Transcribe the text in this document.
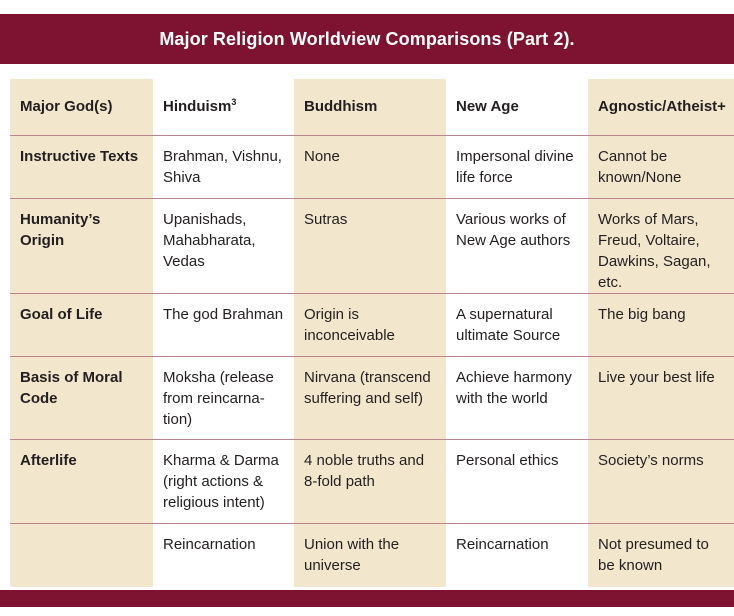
Major Religion Worldview Comparisons (Part 2).
Major God(s)	Hinduism$^3$	Buddhism	New Age	Agnostic/Atheist+
Instructive Texts	Brahman, Vishnu, Shiva	None	Impersonal divine life force	Cannot be known/None
Humanity’s Origin	Upanishads, Mahabharata, Vedas	Sutras	Various works of New Age authors	Works of Mars, Freud, Voltaire, Dawkins, Sagan, etc.
Goal of Life	The god Brahman	Origin is inconceivable	A supernatural ultimate Source	The big bang
Basis of Moral Code	Moksha (release from reincarna-tion)	Nirvana (transcend suffering and self)	Achieve harmony with the world	Live your best life
Afterlife	Kharma & Darma (right actions & religious intent)	4 noble truths and 8-fold path	Personal ethics	Society’s norms
	Reincarnation	Union with the universe	Reincarnation	Not presumed to be known
